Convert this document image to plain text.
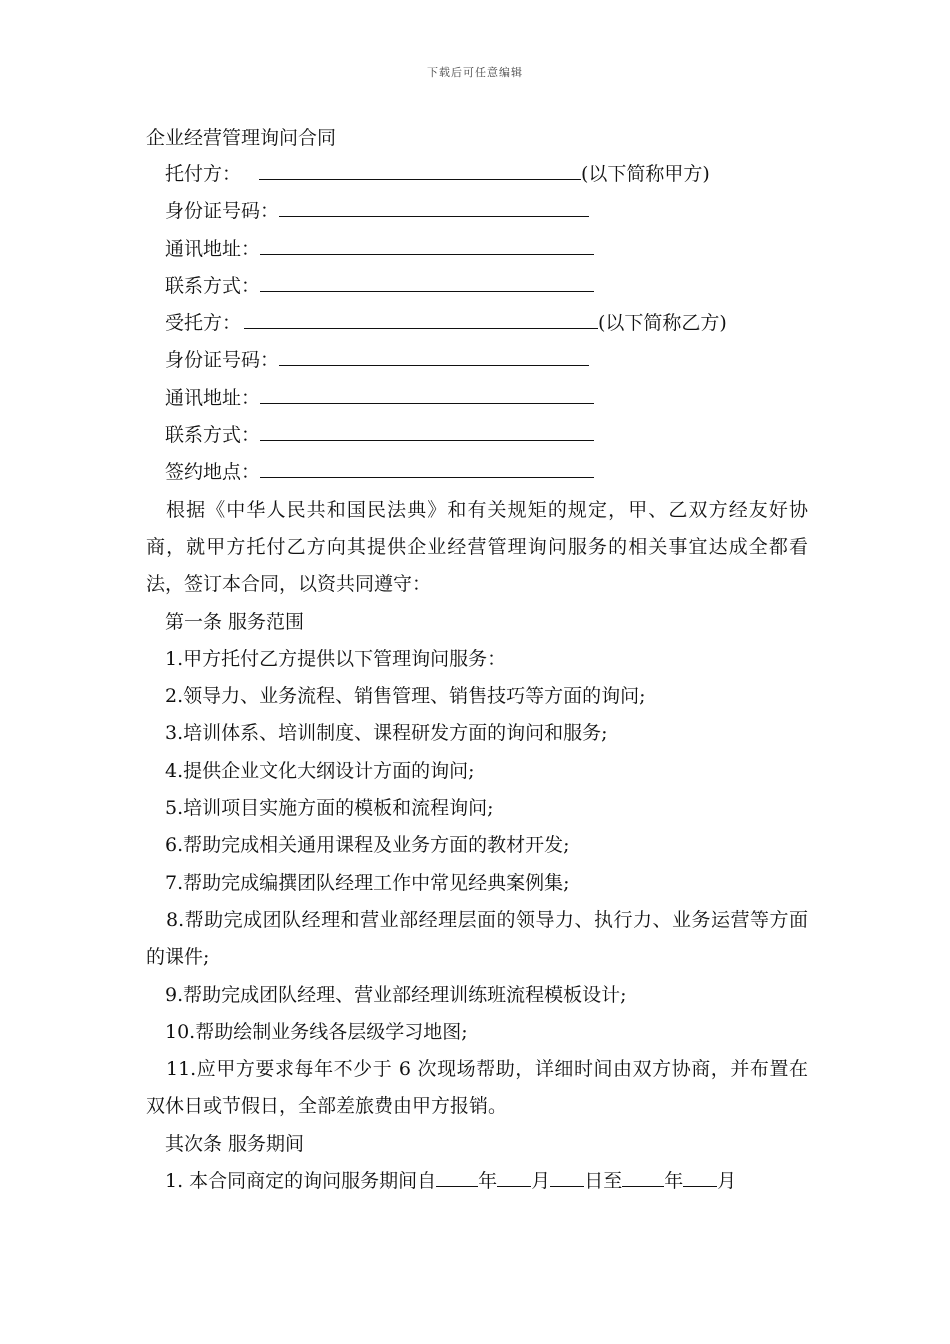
下载后可任意编辑
企业经营管理询问合同
托付方：	(以下简称甲方)
身份证号码：
通讯地址：
联系方式：
受托方：	(以下简称乙方)
身份证号码：
通讯地址：
联系方式：
签约地点：

根据《中华人民共和国民法典》和有关规矩的规定，甲、乙双方经友好协商，就甲方托付乙方向其提供企业经营管理询问服务的相关事宜达成全都看法，签订本合同，以资共同遵守：

第一条 服务范围
1.甲方托付乙方提供以下管理询问服务：
2.领导力、业务流程、销售管理、销售技巧等方面的询问;
3.培训体系、培训制度、课程研发方面的询问和服务;
4.提供企业文化大纲设计方面的询问;
5.培训项目实施方面的模板和流程询问;
6.帮助完成相关通用课程及业务方面的教材开发;
7.帮助完成编撰团队经理工作中常见经典案例集;

8.帮助完成团队经理和营业部经理层面的领导力、执行力、业务运营等方面的课件;

9.帮助完成团队经理、营业部经理训练班流程模板设计;
10.帮助绘制业务线各层级学习地图;

11.应甲方要求每年不少于 6 次现场帮助，详细时间由双方协商，并布置在双休日或节假日，全部差旅费由甲方报销。

其次条 服务期间
1. 本合同商定的询问服务期间自 年 月 日至 年 月
